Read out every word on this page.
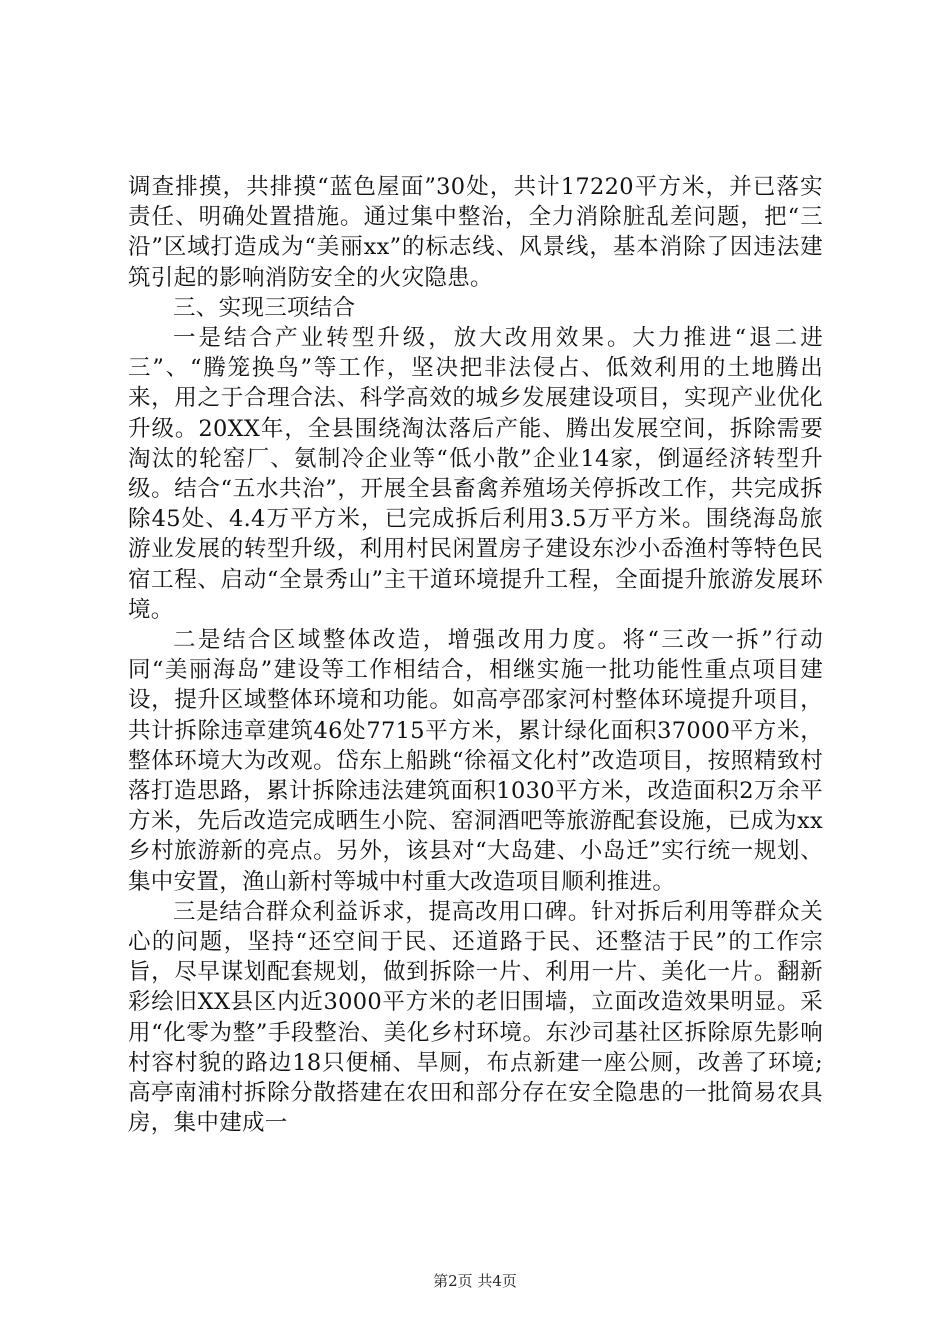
调查排摸，共排摸“蓝色屋面”30处，共计17220平方米，并已落实责任、明确处置措施。通过集中整治，全力消除脏乱差问题，把“三沿”区域打造成为“美丽xx”的标志线、风景线，基本消除了因违法建筑引起的影响消防安全的火灾隐患。

三、实现三项结合

一是结合产业转型升级，放大改用效果。大力推进“退二进三”、“腾笼换鸟”等工作，坚决把非法侵占、低效利用的土地腾出来，用之于合理合法、科学高效的城乡发展建设项目，实现产业优化升级。20XX年，全县围绕淘汰落后产能、腾出发展空间，拆除需要淘汰的轮窑厂、氨制冷企业等“低小散”企业14家，倒逼经济转型升级。结合“五水共治”，开展全县畜禽养殖场关停拆改工作，共完成拆除45处、4.4万平方米，已完成拆后利用3.5万平方米。围绕海岛旅游业发展的转型升级，利用村民闲置房子建设东沙小岙渔村等特色民宿工程、启动“全景秀山”主干道环境提升工程，全面提升旅游发展环境。

二是结合区域整体改造，增强改用力度。将“三改一拆”行动同“美丽海岛”建设等工作相结合，相继实施一批功能性重点项目建设，提升区域整体环境和功能。如高亭邵家河村整体环境提升项目，共计拆除违章建筑46处7715平方米，累计绿化面积37000平方米，整体环境大为改观。岱东上船跳“徐福文化村”改造项目，按照精致村落打造思路，累计拆除违法建筑面积1030平方米，改造面积2万余平方米，先后改造完成晒生小院、窑洞酒吧等旅游配套设施，已成为xx乡村旅游新的亮点。另外，该县对“大岛建、小岛迁”实行统一规划、集中安置，渔山新村等城中村重大改造项目顺利推进。

三是结合群众利益诉求，提高改用口碑。针对拆后利用等群众关心的问题，坚持“还空间于民、还道路于民、还整洁于民”的工作宗旨，尽早谋划配套规划，做到拆除一片、利用一片、美化一片。翻新彩绘旧XX县区内近3000平方米的老旧围墙，立面改造效果明显。采用“化零为整”手段整治、美化乡村环境。东沙司基社区拆除原先影响村容村貌的路边18只便桶、旱厕，布点新建一座公厕，改善了环境;高亭南浦村拆除分散搭建在农田和部分存在安全隐患的一批简易农具房，集中建成一

第2页 共4页
